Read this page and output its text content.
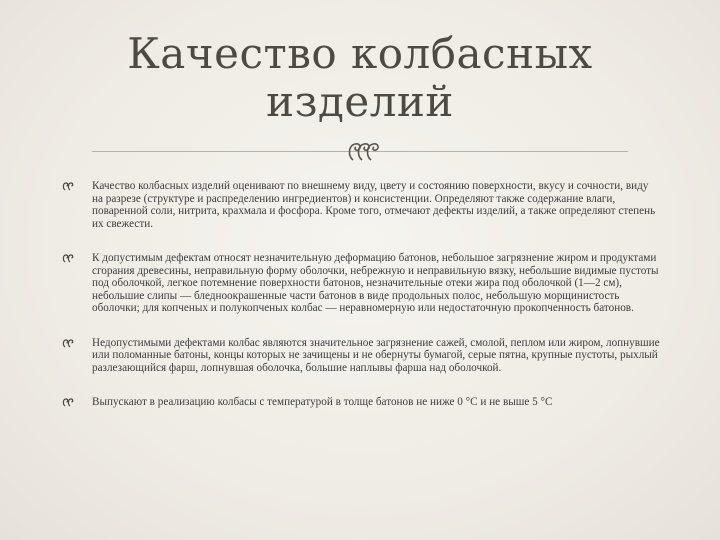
Качество колбасных
изделий
Качество колбасных изделий оценивают по внешнему виду, цвету и состоянию поверхности, вкусу и сочности, виду на разрезе (структуре и распределению ингредиентов) и консистенции. Определяют также содержание влаги, поваренной соли, нитрита, крахмала и фосфора. Кроме того, отмечают дефекты изделий, а также определяют степень их свежести.
К допустимым дефектам относят незначительную деформацию батонов, небольшое загрязнение жиром и продуктами сгорания древесины, неправильную форму оболочки, небрежную и неправильную вязку, небольшие видимые пустоты под оболочкой, легкое потемнение поверхности батонов, незначительные отеки жира под оболочкой (1—2 см), небольшие слипы — бледноокрашенные части батонов в виде продольных полос, небольшую морщинистость оболочки; для копченых и полукопченых колбас — неравномерную или недостаточную прокопченность батонов.
Недопустимыми дефектами колбас являются значительное загрязнение сажей, смолой, пеплом или жиром, лопнувшие или поломанные батоны, концы которых не зачищены и не обернуты бумагой, серые пятна, крупные пустоты, рыхлый разлезающийся фарш, лопнувшая оболочка, большие наплывы фарша над оболочкой.
Выпускают в реализацию колбасы с температурой в толще батонов не ниже 0 °С и не выше 5 °С
